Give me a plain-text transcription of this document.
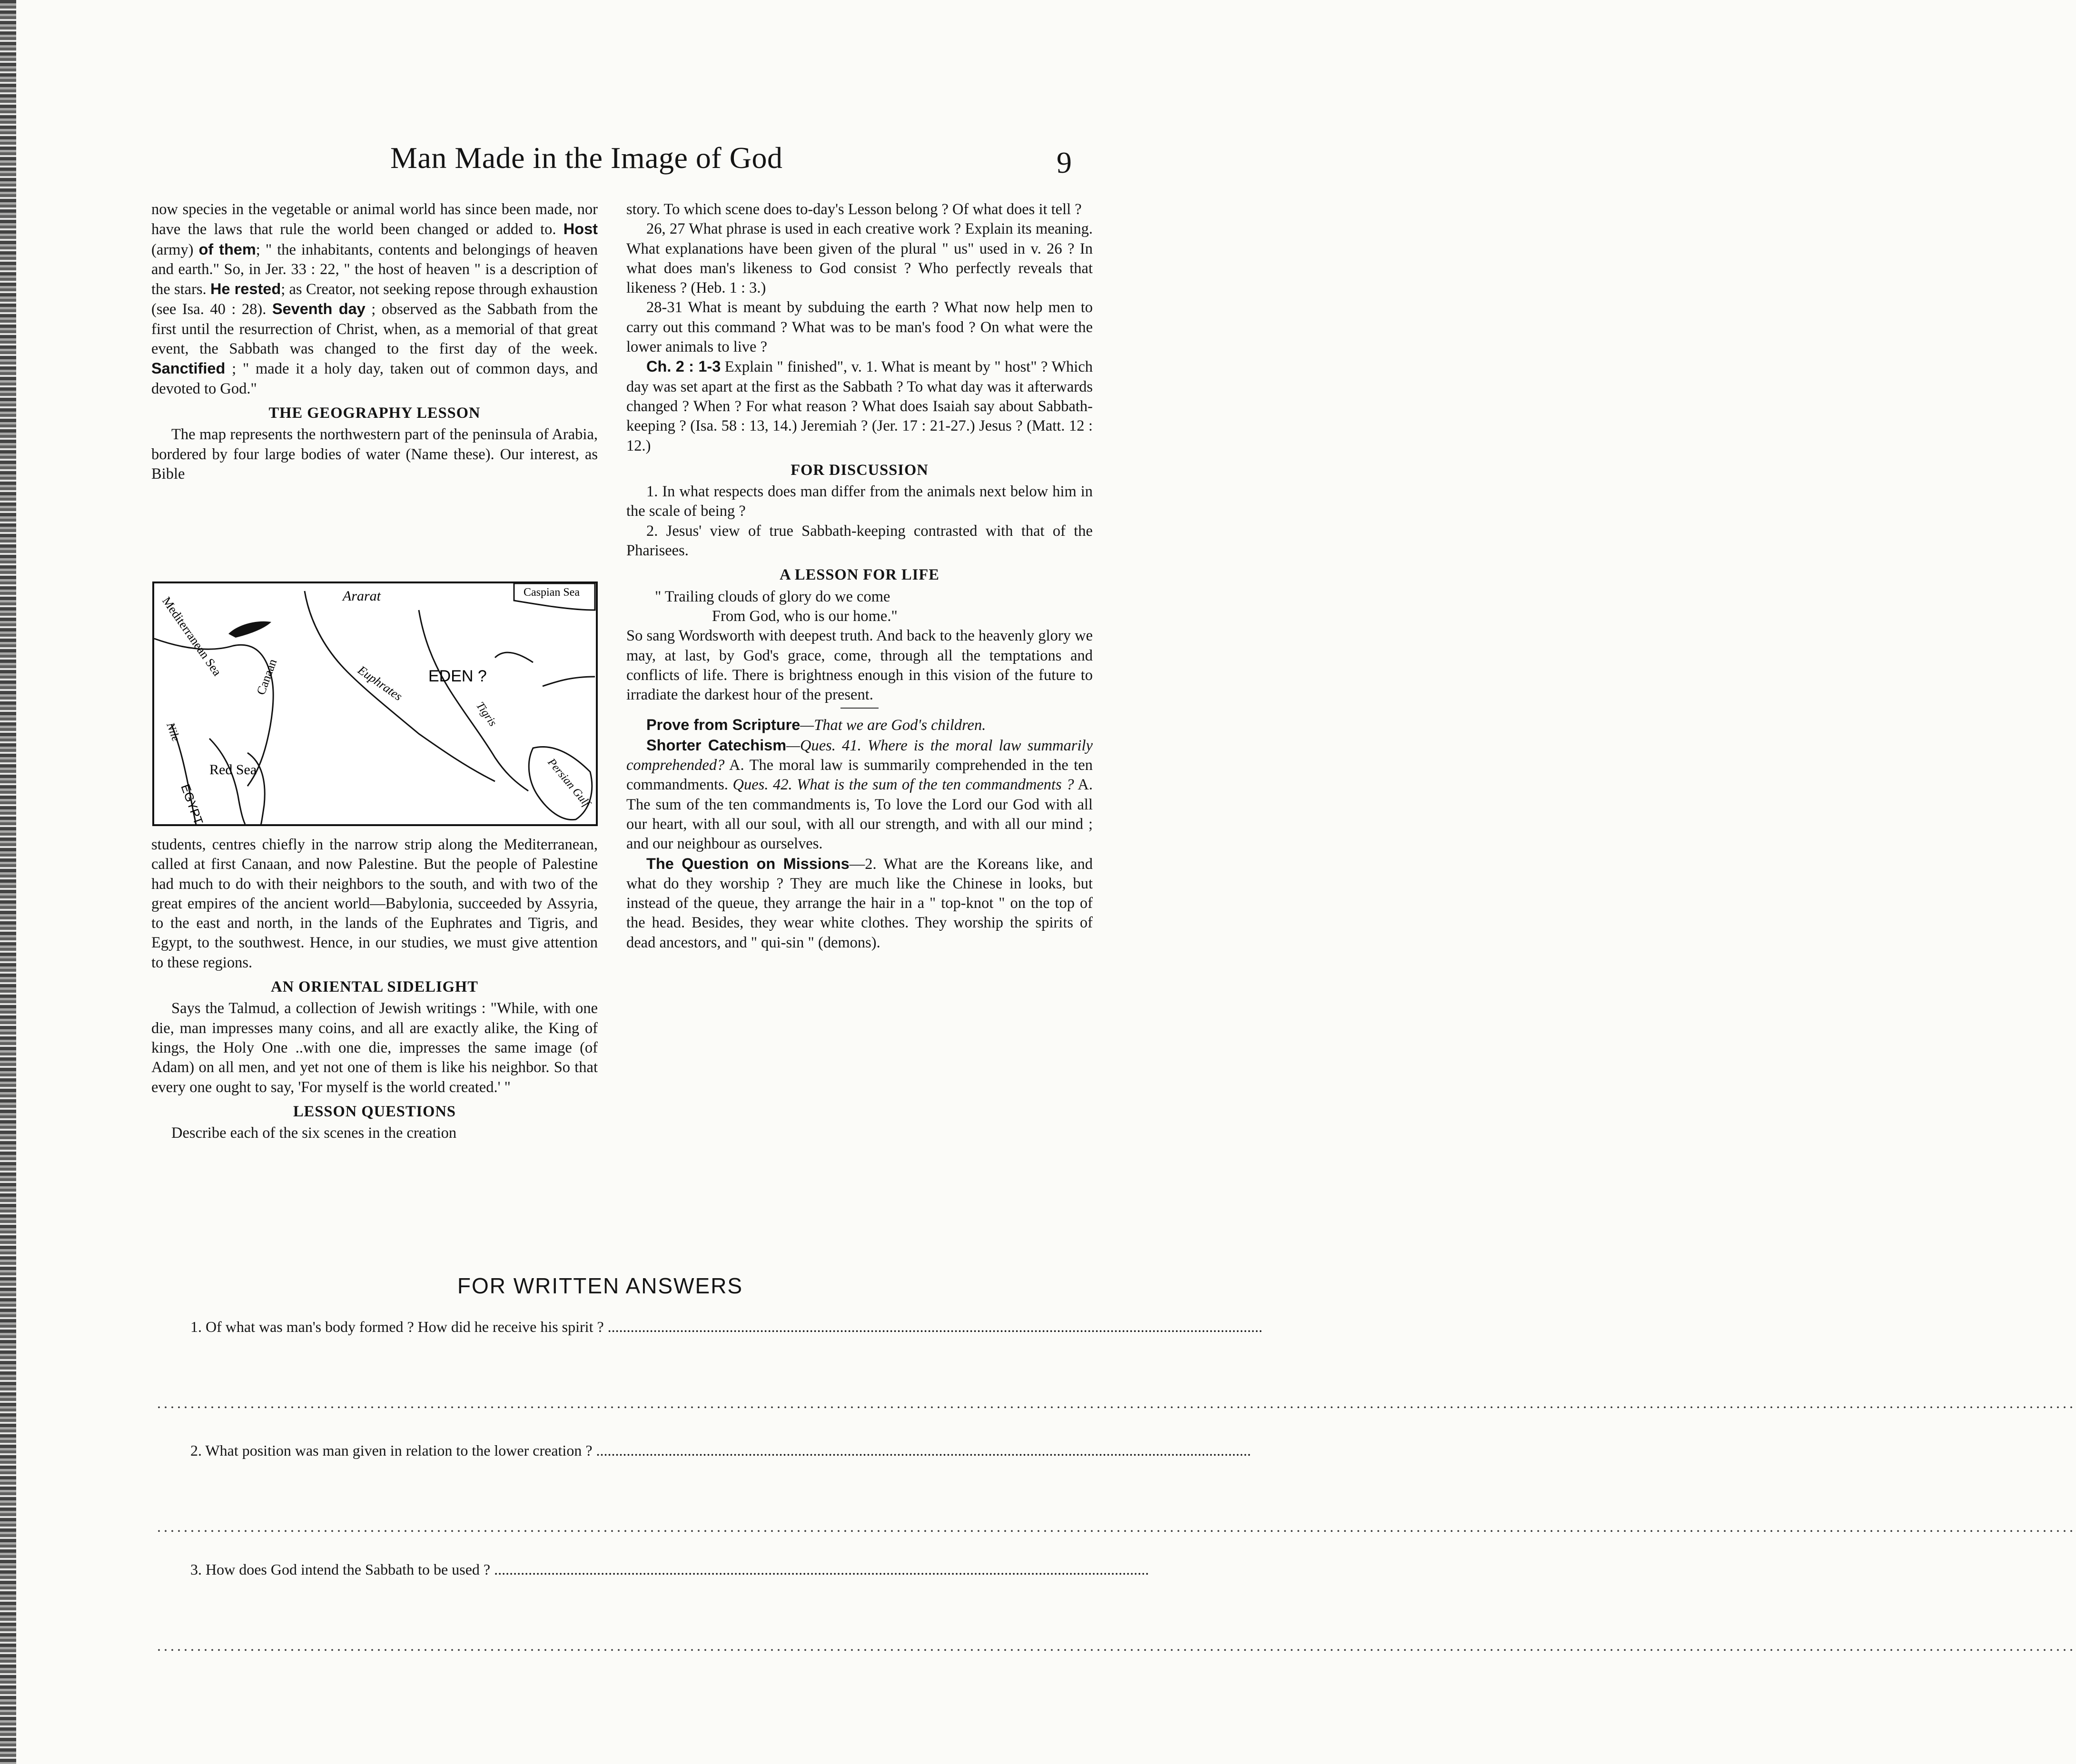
Man Made in the Image of God	9

now species in the vegetable or animal world has since been made, nor have the laws that rule the world been changed or added to. Host (army) of them; " the inhabitants, contents and belongings of heaven and earth." So, in Jer. 33 : 22, " the host of heaven " is a description of the stars. He rested; as Creator, not seeking repose through exhaustion (see Isa. 40 : 28). Seventh day ; observed as the Sabbath from the first until the resurrection of Christ, when, as a memorial of that great event, the Sabbath was changed to the first day of the week. Sanctified ; " made it a holy day, taken out of common days, and devoted to God."

THE GEOGRAPHY LESSON

The map represents the northwestern part of the peninsula of Arabia, bordered by four large bodies of water (Name these). Our interest, as Bible

Ararat	Caspian Sea
Mediterranean Sea Canaan	Euphrates EDEN ?
Tigris
Red Sea
Nile
EGYPT	Persian Gulf

students, centres chiefly in the narrow strip along the Mediterranean, called at first Canaan, and now Palestine. But the people of Palestine had much to do with their neighbors to the south, and with two of the great empires of the ancient world—Babylonia, succeeded by Assyria, to the east and north, in the lands of the Euphrates and Tigris, and Egypt, to the southwest. Hence, in our studies, we must give attention to these regions.

AN ORIENTAL SIDELIGHT

Says the Talmud, a collection of Jewish writings : "While, with one die, man impresses many coins, and all are exactly alike, the King of kings, the Holy One ..with one die, impresses the same image (of Adam) on all men, and yet not one of them is like his neighbor. So that every one ought to say, 'For myself is the world created.' "

LESSON QUESTIONS

Describe each of the six scenes in the creation

story. To which scene does to-day's Lesson belong ? Of what does it tell ?

26, 27 What phrase is used in each creative work ? Explain its meaning. What explanations have been given of the plural " us" used in v. 26 ? In what does man's likeness to God consist ? Who perfectly reveals that likeness ? (Heb. 1 : 3.)

28-31 What is meant by subduing the earth ? What now help men to carry out this command ? What was to be man's food ? On what were the lower animals to live ?

Ch. 2 : 1-3 Explain " finished", v. 1. What is meant by " host" ? Which day was set apart at the first as the Sabbath ? To what day was it afterwards changed ? When ? For what reason ? What does Isaiah say about Sabbath-keeping ? (Isa. 58 : 13, 14.) Jeremiah ? (Jer. 17 : 21-27.) Jesus ? (Matt. 12 : 12.)

FOR DISCUSSION

1. In what respects does man differ from the animals next below him in the scale of being ?

2. Jesus' view of true Sabbath-keeping contrasted with that of the Pharisees.

A LESSON FOR LIFE

" Trailing clouds of glory do we come

From God, who is our home."

So sang Wordsworth with deepest truth. And back to the heavenly glory we may, at last, by God's grace, come, through all the temptations and conflicts of life. There is brightness enough in this vision of the future to irradiate the darkest hour of the present.

Prove from Scripture—That we are God's children.

Shorter Catechism—Ques. 41. Where is the moral law summarily comprehended? A. The moral law is summarily comprehended in the ten commandments. Ques. 42. What is the sum of the ten commandments ? A. The sum of the ten commandments is, To love the Lord our God with all our heart, with all our soul, with all our strength, and with all our mind ; and our neighbour as ourselves.

The Question on Missions—2. What are the Koreans like, and what do they worship ? They are much like the Chinese in looks, but instead of the queue, they arrange the hair in a " top-knot " on the top of the head. Besides, they wear white clothes. They worship the spirits of dead ancestors, and " qui-sin " (demons).

FOR WRITTEN ANSWERS
1. Of what was man's body formed ? How did he receive his spirit ? ............................................................................................................................................................................
................................................................................................................................................................................................................................................................................................
2. What position was man given in relation to the lower creation ? ............................................................................................................................................................................
................................................................................................................................................................................................................................................................................................
3. How does God intend the Sabbath to be used ? ............................................................................................................................................................................
................................................................................................................................................................................................................................................................................................
